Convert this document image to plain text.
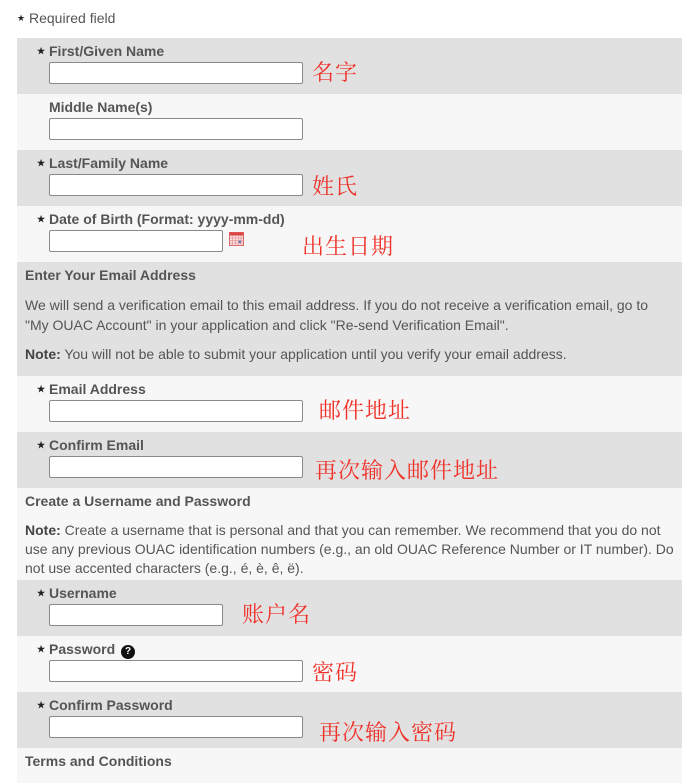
★ Required field
★ First/Given Name
名字
Middle Name(s)
★ Last/Family Name
姓氏
★ Date of Birth (Format: yyyy-mm-dd)
出生日期
Enter Your Email Address

We will send a verification email to this email address. If you do not receive a verification email, go to "My OUAC Account" in your application and click "Re-send Verification Email".

Note: You will not be able to submit your application until you verify your email address.

★ Email Address
邮件地址
★ Confirm Email
再次输入邮件地址
Create a Username and Password

Note: Create a username that is personal and that you can remember. We recommend that you do not use any previous OUAC identification numbers (e.g., an old OUAC Reference Number or IT number). Do not use accented characters (e.g., é, è, ê, ë).

★ Username
账户名
★ Password ?
密码
★ Confirm Password
再次输入密码
Terms and Conditions
